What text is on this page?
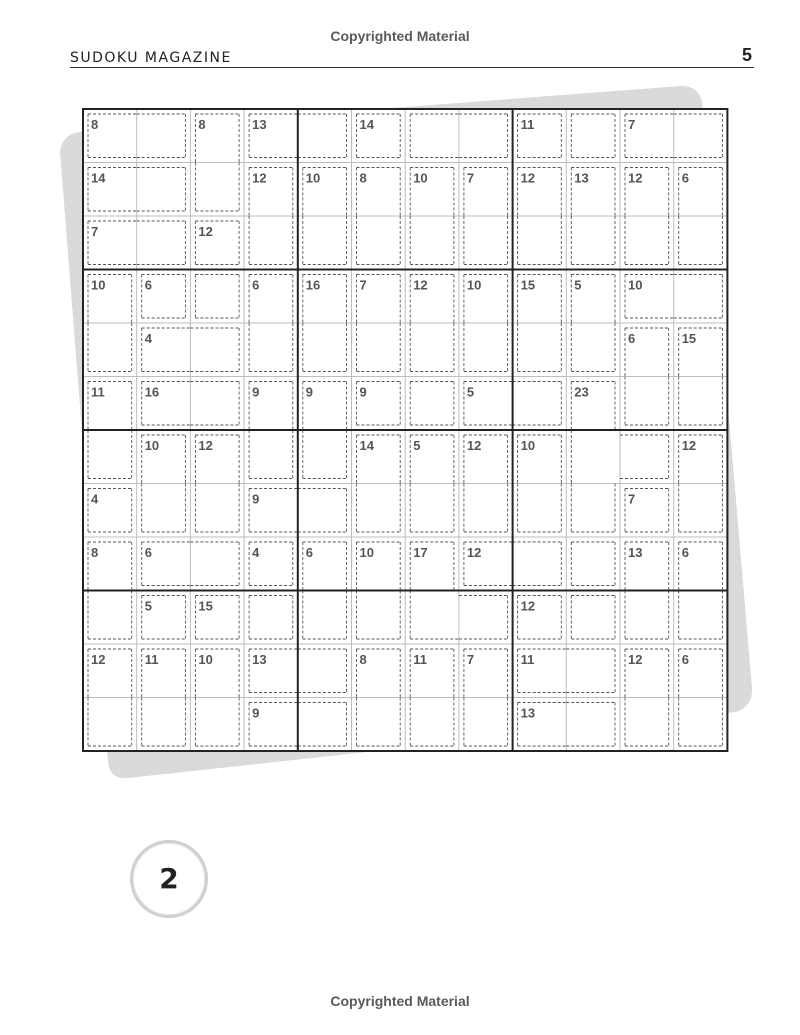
Copyrighted Material
SUDOKU MAGAZINE	5
8	8	13	14	11	7
14	12	10	8	10	7	12	13	12	6
7	12
10	6	6	16	7	12	10	15	5	10
4	6	15
11	16	9	9	9	5	23
10	12	14	5	12	10	12
4	9	7
8	6	4	6	10	17	12	13	6
5	15	12
12	11	10	13	8	11	7	11	12	6
9	13
2
Copyrighted Material
